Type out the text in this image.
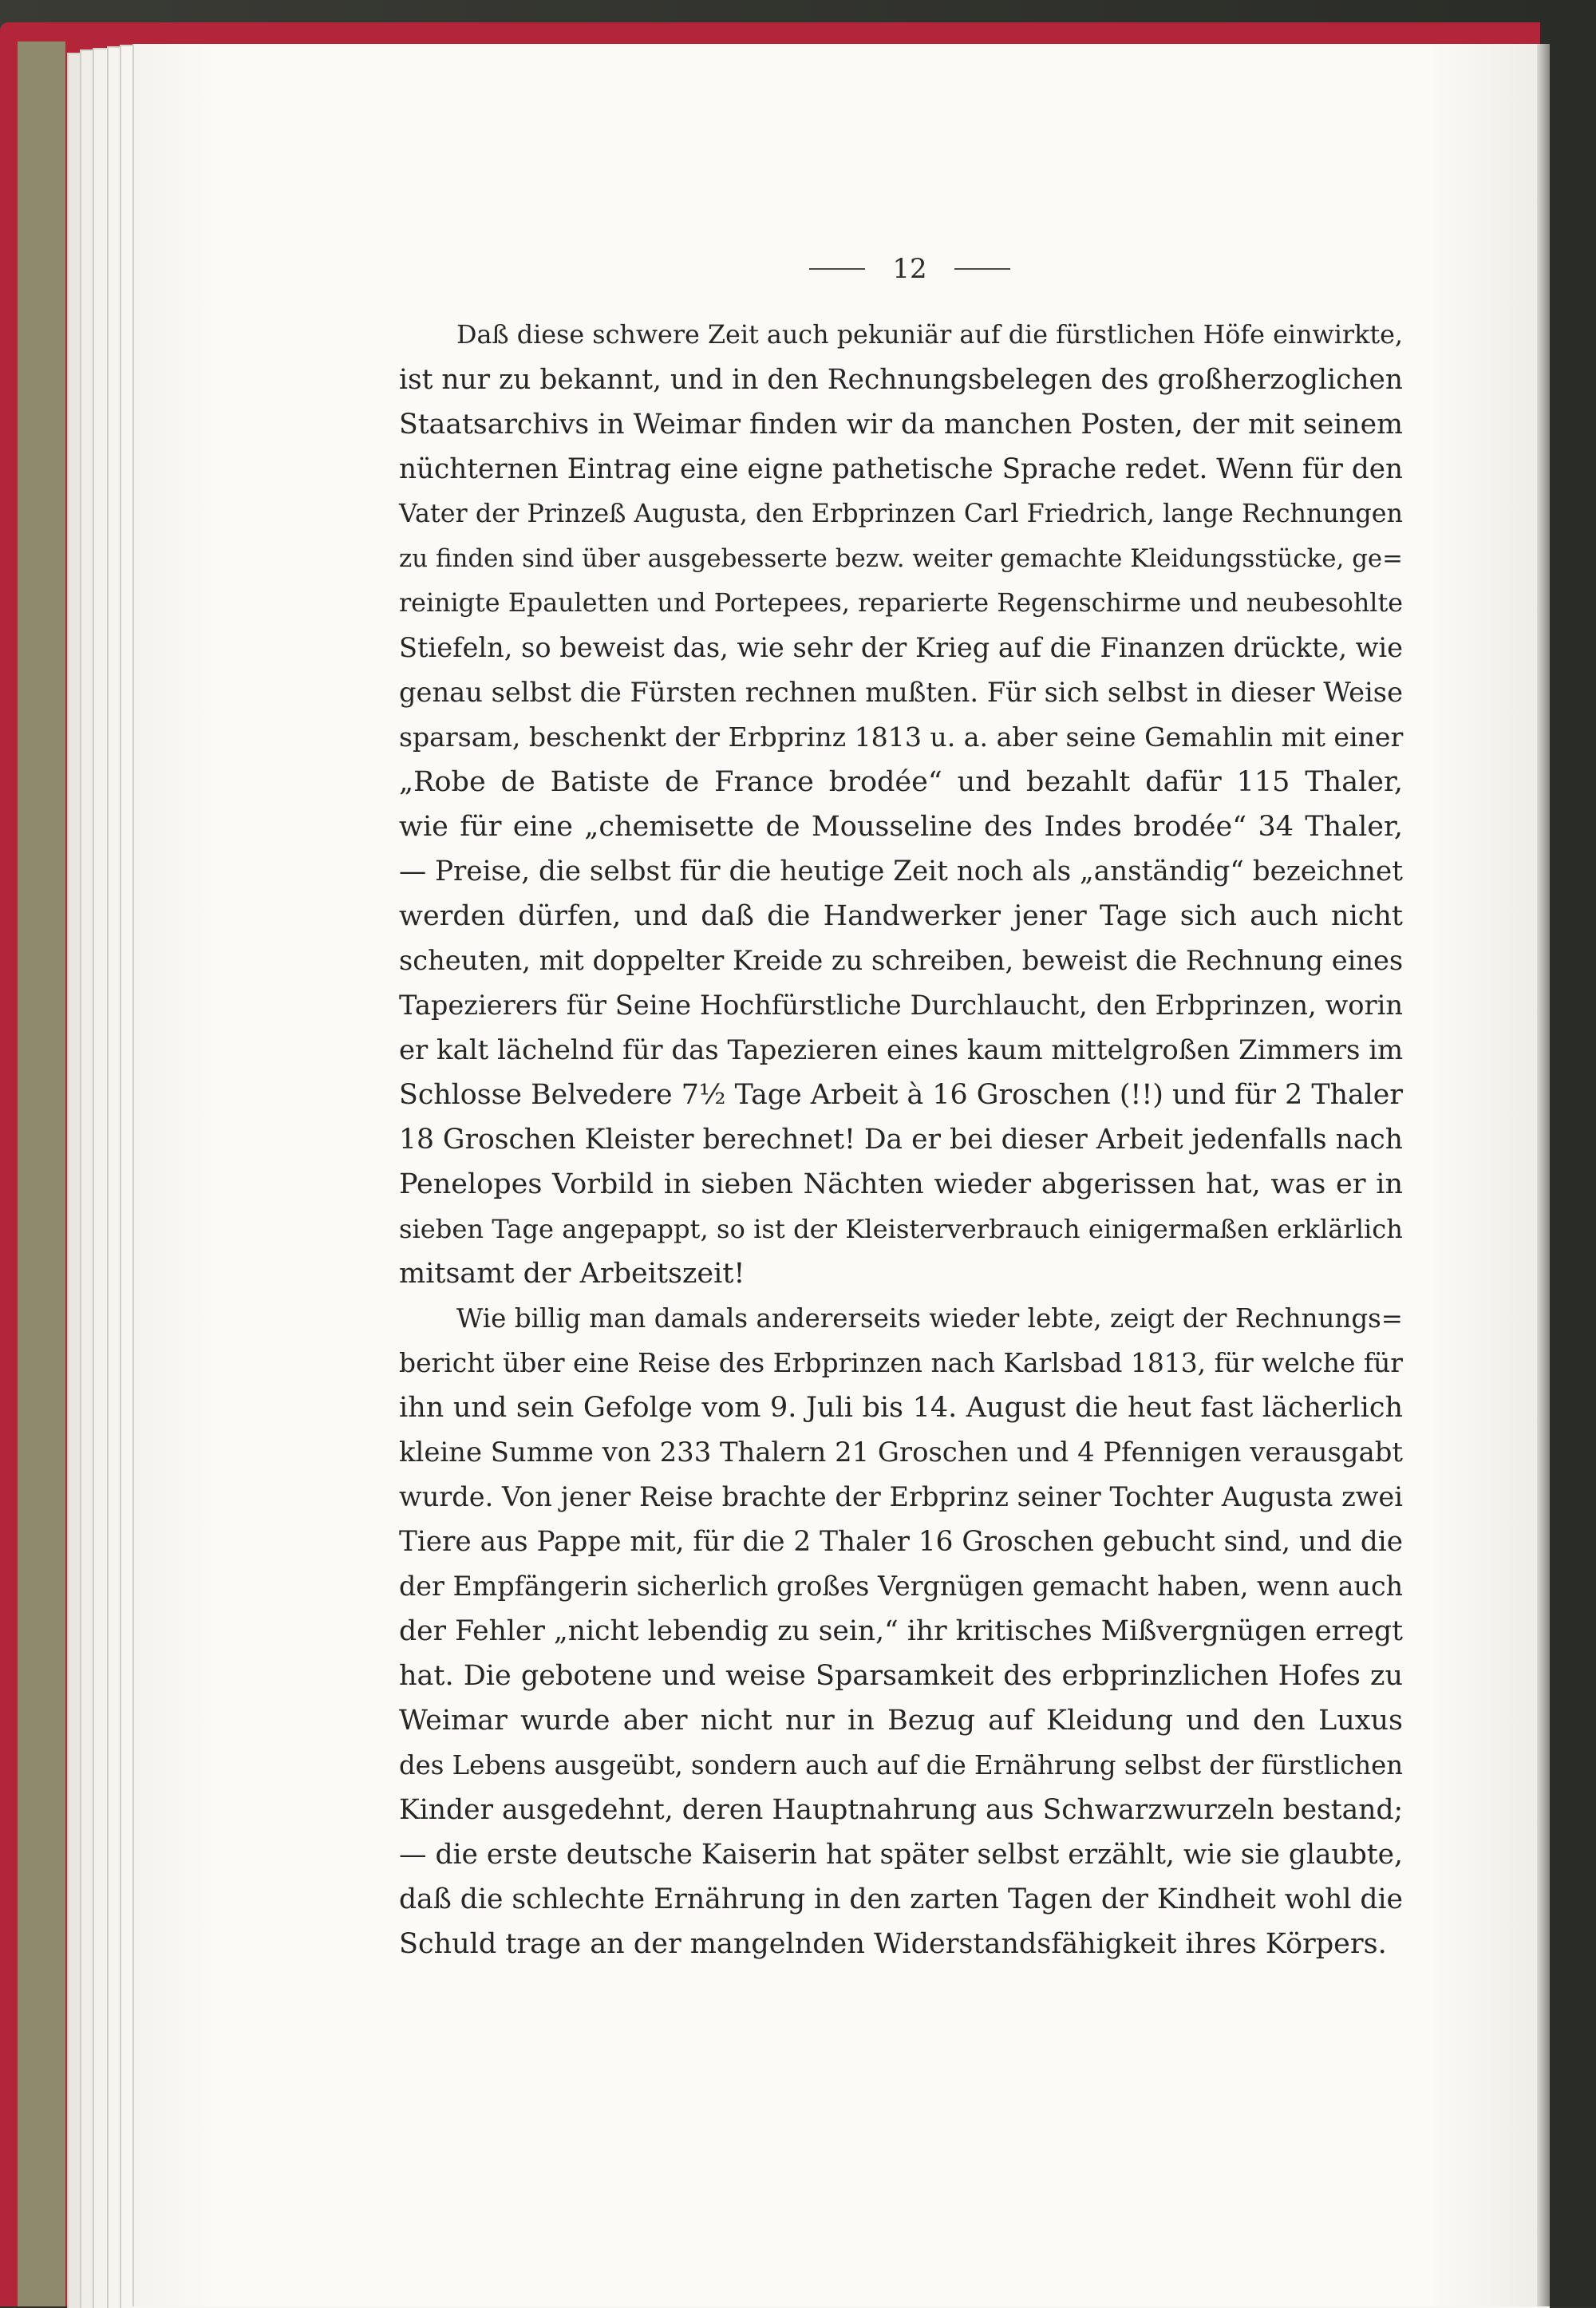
12
Daß diese schwere Zeit auch pekuniär auf die fürstlichen Höfe einwirkte,
ist nur zu bekannt, und in den Rechnungsbelegen des großherzoglichen
Staatsarchivs in Weimar finden wir da manchen Posten, der mit seinem
nüchternen Eintrag eine eigne pathetische Sprache redet. Wenn für den
Vater der Prinzeß Augusta, den Erbprinzen Carl Friedrich, lange Rechnungen
zu finden sind über ausgebesserte bezw. weiter gemachte Kleidungsstücke, ge=
reinigte Epauletten und Portepees, reparierte Regenschirme und neubesohlte
Stiefeln, so beweist das, wie sehr der Krieg auf die Finanzen drückte, wie
genau selbst die Fürsten rechnen mußten. Für sich selbst in dieser Weise
sparsam, beschenkt der Erbprinz 1813 u. a. aber seine Gemahlin mit einer
„Robe de Batiste de France brodée“ und bezahlt dafür 115 Thaler,
wie für eine „chemisette de Mousseline des Indes brodée“ 34 Thaler,
— Preise, die selbst für die heutige Zeit noch als „anständig“ bezeichnet
werden dürfen, und daß die Handwerker jener Tage sich auch nicht
scheuten, mit doppelter Kreide zu schreiben, beweist die Rechnung eines
Tapezierers für Seine Hochfürstliche Durchlaucht, den Erbprinzen, worin
er kalt lächelnd für das Tapezieren eines kaum mittelgroßen Zimmers im
Schlosse Belvedere 7½ Tage Arbeit à 16 Groschen (!!) und für 2 Thaler
18 Groschen Kleister berechnet! Da er bei dieser Arbeit jedenfalls nach
Penelopes Vorbild in sieben Nächten wieder abgerissen hat, was er in
sieben Tage angepappt, so ist der Kleisterverbrauch einigermaßen erklärlich
mitsamt der Arbeitszeit!
Wie billig man damals andererseits wieder lebte, zeigt der Rechnungs=
bericht über eine Reise des Erbprinzen nach Karlsbad 1813, für welche für
ihn und sein Gefolge vom 9. Juli bis 14. August die heut fast lächerlich
kleine Summe von 233 Thalern 21 Groschen und 4 Pfennigen verausgabt
wurde. Von jener Reise brachte der Erbprinz seiner Tochter Augusta zwei
Tiere aus Pappe mit, für die 2 Thaler 16 Groschen gebucht sind, und die
der Empfängerin sicherlich großes Vergnügen gemacht haben, wenn auch
der Fehler „nicht lebendig zu sein,“ ihr kritisches Mißvergnügen erregt
hat. Die gebotene und weise Sparsamkeit des erbprinzlichen Hofes zu
Weimar wurde aber nicht nur in Bezug auf Kleidung und den Luxus
des Lebens ausgeübt, sondern auch auf die Ernährung selbst der fürstlichen
Kinder ausgedehnt, deren Hauptnahrung aus Schwarzwurzeln bestand;
— die erste deutsche Kaiserin hat später selbst erzählt, wie sie glaubte,
daß die schlechte Ernährung in den zarten Tagen der Kindheit wohl die
Schuld trage an der mangelnden Widerstandsfähigkeit ihres Körpers.
